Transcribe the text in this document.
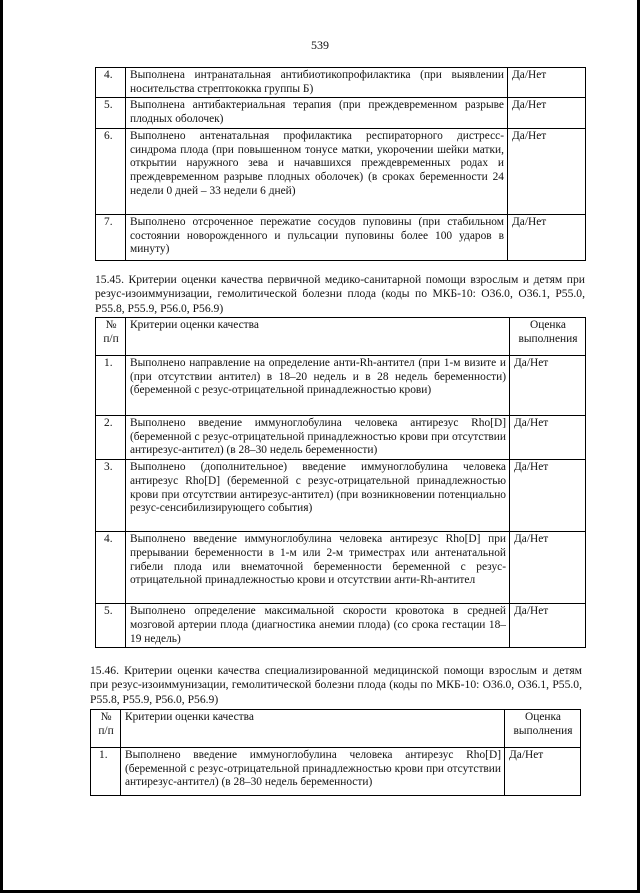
539
4.	Выполнена интранатальная антибиотикопрофилактика (при выявлении носительства стрептококка группы Б)	Да/Нет
5.	Выполнена антибактериальная терапия (при преждевременном разрыве плодных оболочек)	Да/Нет
6.	Выполнено антенатальная профилактика респираторного дистресс-синдрома плода (при повышенном тонусе матки, укорочении шейки матки, открытии наружного зева и начавшихся преждевременных родах и преждевременном разрыве плодных оболочек) (в сроках беременности 24 недели 0 дней – 33 недели 6 дней)	Да/Нет
7.	Выполнено отсроченное пережатие сосудов пуповины (при стабильном состоянии новорожденного и пульсации пуповины более 100 ударов в минуту)	Да/Нет
15.45. Критерии оценки качества первичной медико-санитарной помощи взрослым и детям при резус-изоиммунизации, гемолитической болезни плода (коды по МКБ-10: O36.0, O36.1, P55.0, P55.8, P55.9, P56.0, P56.9)
№ п/п	Критерии оценки качества	Оценка выполнения
1.	Выполнено направление на определение анти-Rh-антител (при 1-м визите и (при отсутствии антител) в 18–20 недель и в 28 недель беременности) (беременной с резус-отрицательной принадлежностью крови)	Да/Нет
2.	Выполнено введение иммуноглобулина человека антирезус Rho[D] (беременной с резус-отрицательной принадлежностью крови при отсутствии антирезус-антител) (в 28–30 недель беременности)	Да/Нет
3.	Выполнено (дополнительное) введение иммуноглобулина человека антирезус Rho[D] (беременной с резус-отрицательной принадлежностью крови при отсутствии антирезус-антител) (при возникновении потенциально резус-сенсибилизирующего события)	Да/Нет
4.	Выполнено введение иммуноглобулина человека антирезус Rho[D] при прерывании беременности в 1-м или 2-м триместрах или антенатальной гибели плода или внематочной беременности беременной с резус-отрицательной принадлежностью крови и отсутствии анти-Rh-антител	Да/Нет
5.	Выполнено определение максимальной скорости кровотока в средней мозговой артерии плода (диагностика анемии плода) (со срока гестации 18–19 недель)	Да/Нет
15.46. Критерии оценки качества специализированной медицинской помощи взрослым и детям при резус-изоиммунизации, гемолитической болезни плода (коды по МКБ-10: O36.0, O36.1, P55.0, P55.8, P55.9, P56.0, P56.9)
№ п/п	Критерии оценки качества	Оценка выполнения
1.	Выполнено введение иммуноглобулина человека антирезус Rho[D] (беременной с резус-отрицательной принадлежностью крови при отсутствии антирезус-антител) (в 28–30 недель беременности)	Да/Нет
